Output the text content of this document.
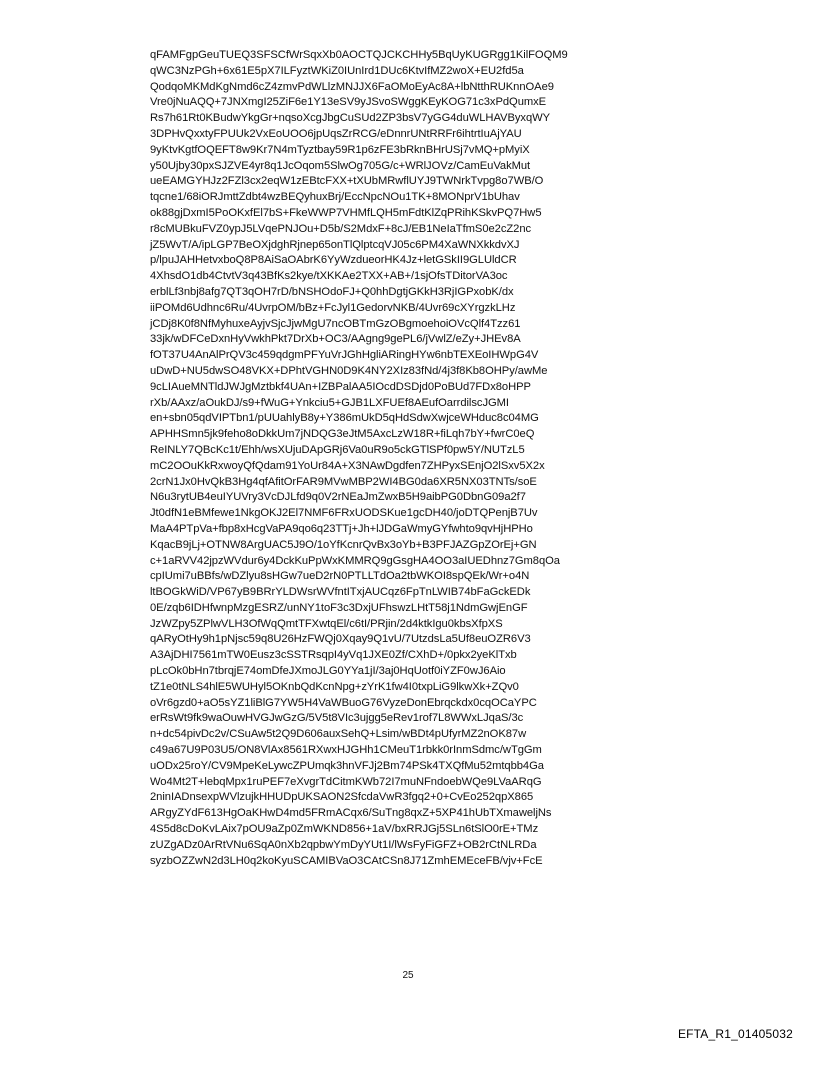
qFAMFgpGeuTUEQ3SFSCfWrSqxXb0AOCTQJCKCHHy5BqUyKUGRgg1KilFOQM9
qWC3NzPGh+6x61E5pX7ILFyztWKiZ0IUnIrd1DUc6KtvIfMZ2woX+EU2fd5a
QodqoMKMdKgNmd6cZ4zmvPdWLlzMNJJX6FaOMoEyAc8A+lbNtthRUKnnOAe9
Vre0jNuAQQ+7JNXmgI25ZiF6e1Y13eSV9yJSvoSWggKEyKOG71c3xPdQumxE
Rs7h61Rt0KBudwYkgGr+nqsoXcgJbgCuSUd2ZP3bsV7yGG4duWLHAVByxqWY
3DPHvQxxtyFPUUk2VxEoUOO6jpUqsZrRCG/eDnnrUNtRRFr6ihtrtIuAjYAU
9yKtvKgtfOQEFT8w9Kr7N4mTyztbay59R1p6zFE3bRknBHrUSj7vMQ+pMyiX
y50Ujby30pxSJZVE4yr8q1JcOqom5SlwOg705G/c+WRlJOVz/CamEuVakMut
ueEAMGYHJz2FZl3cx2eqW1zEBtcFXX+tXUbMRwflUYJ9TWNrkTvpg8o7WB/O
tqcne1/68iORJmttZdbt4wzBEQyhuxBrj/EccNpcNOu1TK+8MONprV1bUhav
ok88gjDxmI5PoOKxfEl7bS+FkeWWP7VHMfLQH5mFdtKlZqPRihKSkvPQ7Hw5
r8cMUBkuFVZ0ypJ5LVqePNJOu+D5b/S2MdxF+8cJ/EB1NeIaTfmS0e2cZ2nc
jZ5WvT/A/ipLGP7BeOXjdghRjnep65onTlQlptcqVJ05c6PM4XaWNXkkdvXJ
p/lpuJAHHetvxboQ8P8AiSaOAbrK6YyWzdueorHK4Jz+letGSkII9GLUldCR
4XhsdO1db4CtvtV3q43BfKs2kye/tXKKAe2TXX+AB+/1sjOfsTDitorVA3oc
erblLf3nbj8afg7QT3qOH7rD/bNSHOdoFJ+Q0hhDgtjGKkH3RjIGPxobK/dx
iiPOMd6Udhnc6Ru/4UvrpOM/bBz+FcJyl1GedorvNKB/4Uvr69cXYrgzkLHz
jCDj8K0f8NfMyhuxeAyjvSjcJjwMgU7ncOBTmGzOBgmoehoiOVcQlf4Tzz61
33jk/wDFCeDxnHyVwkhPkt7DrXb+OC3/AAgng9gePL6/jVwlZ/eZy+JHEv8A
fOT37U4AnAlPrQV3c459qdgmPFYuVrJGhHgliARingHYw6nbTEXEoIHWpG4V
uDwD+NU5dwSO48VKX+DPhtVGHN0D9K4NY2XIz83fNd/4j3f8Kb8OHPy/awMe
9cLIAueMNTldJWJgMztbkf4UAn+IZBPalAA5IOcdDSDjd0PoBUd7FDx8oHPP
rXb/AAxz/aOukDJ/s9+fWuG+Ynkciu5+GJB1LXFUEf8AEufOarrdilscJGMI
en+sbn05qdVIPTbn1/pUUahlyB8y+Y386mUkD5qHdSdwXwjceWHduc8c04MG
APHHSmn5jk9feho8oDkkUm7jNDQG3eJtM5AxcLzW18R+fiLqh7bY+fwrC0eQ
ReINLY7QBcKc1t/Ehh/wsXUjuDApGRj6Va0uR9o5ckGTlSPf0pw5Y/NUTzL5
mC2OOuKkRxwoyQfQdam91YoUr84A+X3NAwDgdfen7ZHPyxSEnjO2lSxv5X2x
2crN1Jx0HvQkB3Hg4qfAfitOrFAR9MVwMBP2WI4BG0da6XR5NX03TNTs/soE
N6u3rytUB4euIYUVry3VcDJLfd9q0V2rNEaJmZwxB5H9aibPG0DbnG09a2f7
Jt0dfN1eBMfewe1NkgOKJ2El7NMF6FRxUODSKue1gcDH40/joDTQPenjB7Uv
MaA4PTpVa+fbp8xHcgVaPA9qo6q23TTj+Jh+lJDGaWmyGYfwhto9qvHjHPHo
KqacB9jLj+OTNW8ArgUAC5J9O/1oYfKcnrQvBx3oYb+B3PFJAZGpZOrEj+GN
c+1aRVV42jpzWVdur6y4DckKuPpWxKMMRQ9gGsgHA4OO3aIUEDhnz7Gm8qOa
cpIUmi7uBBfs/wDZlyu8sHGw7ueD2rN0PTLLTdOa2tbWKOI8spQEk/Wr+o4N
ltBOGkWiD/VP67yB9BRrYLDWsrWVfntITxjAUCqz6FpTnLWIB74bFaGckEDk
0E/zqb6IDHfwnpMzgESRZ/unNY1toF3c3DxjUFhswzLHtT58j1NdmGwjEnGF
JzWZpy5ZPlwVLH3OfWqQmtTFXwtqEl/c6tI/PRjin/2d4ktkIgu0kbsXfpXS
qARyOtHy9h1pNjsc59q8U26HzFWQj0Xqay9Q1vU/7UtzdsLa5Uf8euOZR6V3
A3AjDHI7561mTW0Eusz3cSSTRsqpI4yVq1JXE0Zf/CXhD+/0pkx2yeKlTxb
pLcOk0bHn7tbrqjE74omDfeJXmoJLG0YYa1jI/3aj0HqUotf0iYZF0wJ6Aio
tZ1e0tNLS4hlE5WUHyl5OKnbQdKcnNpg+zYrK1fw4I0txpLiG9lkwXk+ZQv0
oVr6gzd0+aO5sYZ1liBlG7YW5H4VaWBuoG76VyzeDonEbrqckdx0cqOCaYPC
erRsWt9fk9waOuwHVGJwGzG/5V5t8VIc3ujgg5eRev1rof7L8WWxLJqaS/3c
n+dc54pivDc2v/CSuAw5t2Q9D606auxSehQ+Lsim/wBDt4pUfyrMZ2nOK87w
c49a67U9P03U5/ON8VlAx8561RXwxHJGHh1CMeuT1rbkk0rInmSdmc/wTgGm
uODx25roY/CV9MpeKeLywcZPUmqk3hnVFJj2Bm74PSk4TXQfMu52mtqbb4Ga
Wo4Mt2T+lebqMpx1ruPEF7eXvgrTdCitmKWb72I7muNFndoebWQe9LVaARqG
2ninIADnsexpWVlzujkHHUDpUKSAON2SfcdaVwR3fgq2+0+CvEo252qpX865
ARgyZYdF613HgOaKHwD4md5FRmACqx6/SuTng8qxZ+5XP41hUbTXmaweljNs
4S5d8cDoKvLAix7pOU9aZp0ZmWKND856+1aV/bxRRJGj5SLn6tSlO0rE+TMz
zUZgADz0ArRtVNu6SqA0nXb2qpbwYmDyYUt1I/lWsFyFiGFZ+OB2rCtNLRDa
syzbOZZwN2d3LH0q2koKyuSCAMIBVaO3CAtCSn8J71ZmhEMEceFB/vjv+FcE
25
EFTA_R1_01405032
